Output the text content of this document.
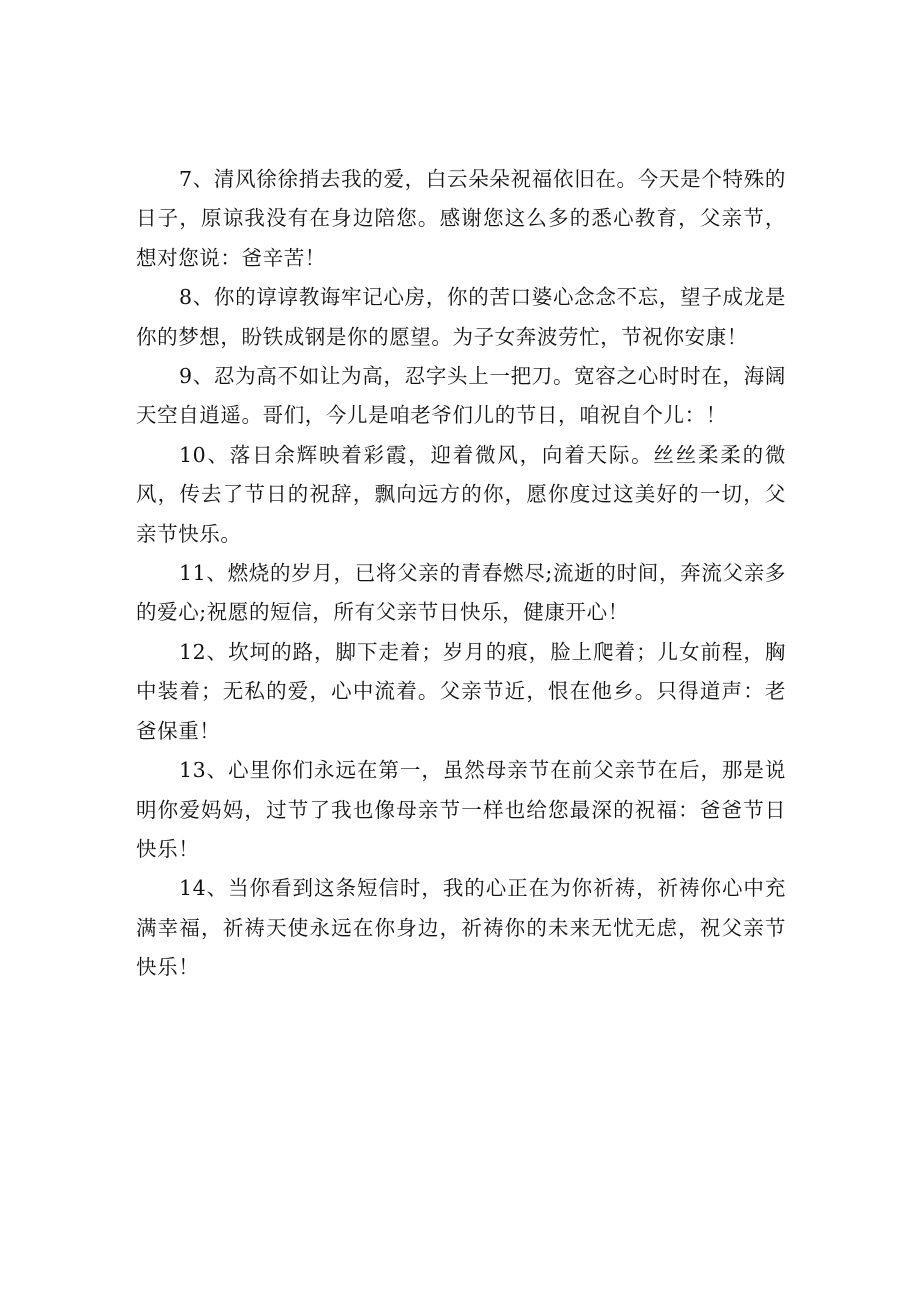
7、清风徐徐捎去我的爱，白云朵朵祝福依旧在。今天是个特殊的日子，原谅我没有在身边陪您。感谢您这么多的悉心教育，父亲节，想对您说：爸辛苦！

8、你的谆谆教诲牢记心房，你的苦口婆心念念不忘，望子成龙是你的梦想，盼铁成钢是你的愿望。为子女奔波劳忙，节祝你安康！

9、忍为高不如让为高，忍字头上一把刀。宽容之心时时在，海阔天空自逍遥。哥们，今儿是咱老爷们儿的节日，咱祝自个儿：！

10、落日余辉映着彩霞，迎着微风，向着天际。丝丝柔柔的微风，传去了节日的祝辞，飘向远方的你，愿你度过这美好的一切，父亲节快乐。

11、燃烧的岁月，已将父亲的青春燃尽;流逝的时间，奔流父亲多的爱心;祝愿的短信，所有父亲节日快乐，健康开心！

12、坎坷的路，脚下走着；岁月的痕，脸上爬着；儿女前程，胸中装着；无私的爱，心中流着。父亲节近，恨在他乡。只得道声：老爸保重！

13、心里你们永远在第一，虽然母亲节在前父亲节在后，那是说明你爱妈妈，过节了我也像母亲节一样也给您最深的祝福：爸爸节日快乐！

14、当你看到这条短信时，我的心正在为你祈祷，祈祷你心中充满幸福，祈祷天使永远在你身边，祈祷你的未来无忧无虑，祝父亲节快乐！
